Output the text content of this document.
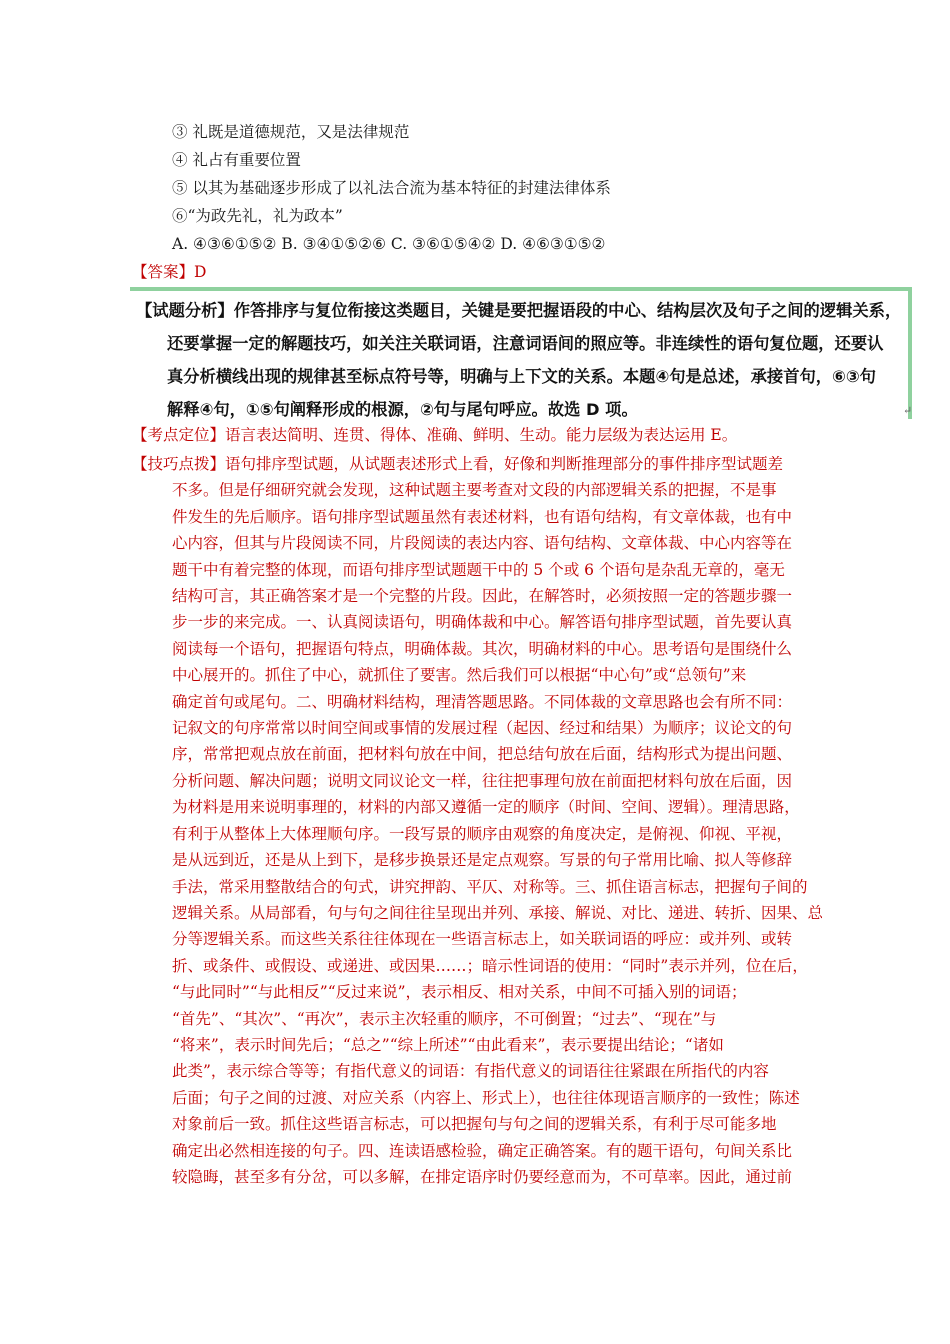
③ 礼既是道德规范，又是法律规范
④ 礼占有重要位置
⑤ 以其为基础逐步形成了以礼法合流为基本特征的封建法律体系
⑥“为政先礼，礼为政本”
A. ④③⑥①⑤② B. ③④①⑤②⑥ C. ③⑥①⑤④② D. ④⑥③①⑤②
【答案】D
【试题分析】作答排序与复位衔接这类题目，关键是要把握语段的中心、结构层次及句子之间的逻辑关系，
还要掌握一定的解题技巧，如关注关联词语，注意词语间的照应等。非连续性的语句复位题，还要认
真分析横线出现的规律甚至标点符号等，明确与上下文的关系。本题④句是总述，承接首句，⑥③句
解释④句，①⑤句阐释形成的根源，②句与尾句呼应。故选 D 项。	↵
【考点定位】语言表达简明、连贯、得体、准确、鲜明、生动。能力层级为表达运用 E。
【技巧点拨】语句排序型试题，从试题表述形式上看，好像和判断推理部分的事件排序型试题差
不多。但是仔细研究就会发现，这种试题主要考查对文段的内部逻辑关系的把握，不是事
件发生的先后顺序。语句排序型试题虽然有表述材料，也有语句结构，有文章体裁，也有中
心内容，但其与片段阅读不同，片段阅读的表达内容、语句结构、文章体裁、中心内容等在
题干中有着完整的体现，而语句排序型试题题干中的 5 个或 6 个语句是杂乱无章的，毫无
结构可言，其正确答案才是一个完整的片段。因此，在解答时，必须按照一定的答题步骤一
步一步的来完成。一、认真阅读语句，明确体裁和中心。解答语句排序型试题，首先要认真
阅读每一个语句，把握语句特点，明确体裁。其次，明确材料的中心。思考语句是围绕什么
中心展开的。抓住了中心，就抓住了要害。然后我们可以根据“中心句”或“总领句”来
确定首句或尾句。二、明确材料结构，理清答题思路。不同体裁的文章思路也会有所不同：
记叙文的句序常常以时间空间或事情的发展过程（起因、经过和结果）为顺序；议论文的句
序，常常把观点放在前面，把材料句放在中间，把总结句放在后面，结构形式为提出问题、
分析问题、解决问题；说明文同议论文一样，往往把事理句放在前面把材料句放在后面，因
为材料是用来说明事理的，材料的内部又遵循一定的顺序（时间、空间、逻辑）。理清思路，
有利于从整体上大体理顺句序。一段写景的顺序由观察的角度决定，是俯视、仰视、平视，
是从远到近，还是从上到下，是移步换景还是定点观察。写景的句子常用比喻、拟人等修辞
手法，常采用整散结合的句式，讲究押韵、平仄、对称等。三、抓住语言标志，把握句子间的
逻辑关系。从局部看，句与句之间往往呈现出并列、承接、解说、对比、递进、转折、因果、总
分等逻辑关系。而这些关系往往体现在一些语言标志上，如关联词语的呼应：或并列、或转
折、或条件、或假设、或递进、或因果……；暗示性词语的使用：“同时”表示并列，位在后，
“与此同时”“与此相反”“反过来说”，表示相反、相对关系，中间不可插入别的词语；
“首先”、“其次”、“再次”，表示主次轻重的顺序，不可倒置；“过去”、“现在”与
“将来”，表示时间先后；“总之”“综上所述”“由此看来”，表示要提出结论；“诸如
此类”，表示综合等等；有指代意义的词语：有指代意义的词语往往紧跟在所指代的内容
后面；句子之间的过渡、对应关系（内容上、形式上），也往往体现语言顺序的一致性；陈述
对象前后一致。抓住这些语言标志，可以把握句与句之间的逻辑关系，有利于尽可能多地
确定出必然相连接的句子。四、连读语感检验，确定正确答案。有的题干语句，句间关系比
较隐晦，甚至多有分岔，可以多解，在排定语序时仍要经意而为，不可草率。因此，通过前
